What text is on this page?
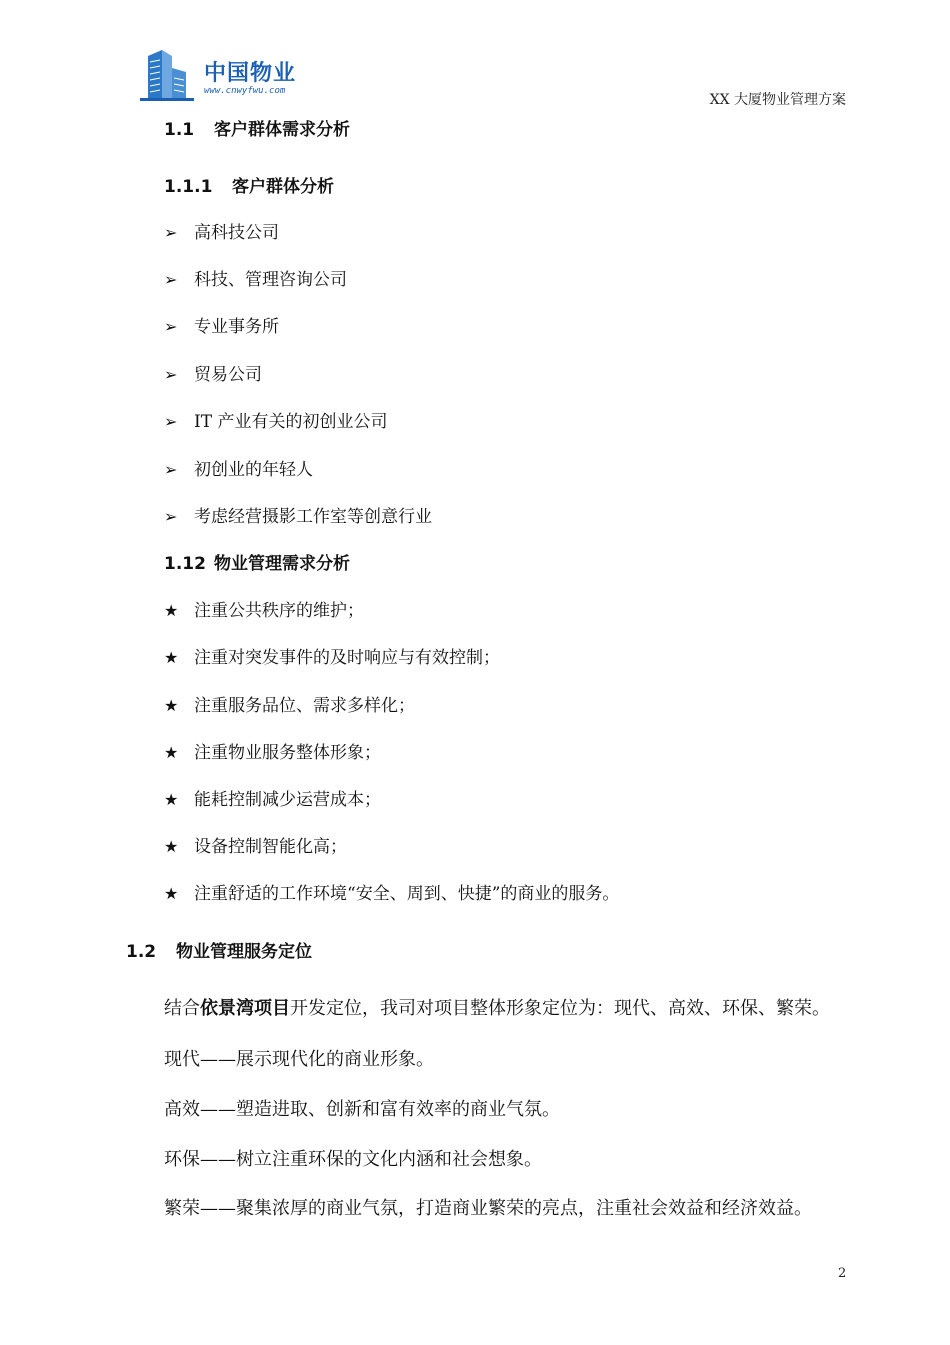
中国物业
www.cnwyfwu.com
XX 大厦物业管理方案
1.1 客户群体需求分析
1.1.1 客户群体分析
➢ 高科技公司
➢ 科技、管理咨询公司
➢ 专业事务所
➢ 贸易公司
➢ IT 产业有关的初创业公司
➢ 初创业的年轻人
➢ 考虑经营摄影工作室等创意行业
1.12 物业管理需求分析
★ 注重公共秩序的维护；
★ 注重对突发事件的及时响应与有效控制；
★ 注重服务品位、需求多样化；
★ 注重物业服务整体形象；
★ 能耗控制减少运营成本；
★ 设备控制智能化高；
★ 注重舒适的工作环境“安全、周到、快捷”的商业的服务。
1.2 物业管理服务定位
结合依景湾项目开发定位，我司对项目整体形象定位为：现代、高效、环保、繁荣。
现代——展示现代化的商业形象。
高效——塑造进取、创新和富有效率的商业气氛。
环保——树立注重环保的文化内涵和社会想象。
繁荣——聚集浓厚的商业气氛，打造商业繁荣的亮点，注重社会效益和经济效益。
2
